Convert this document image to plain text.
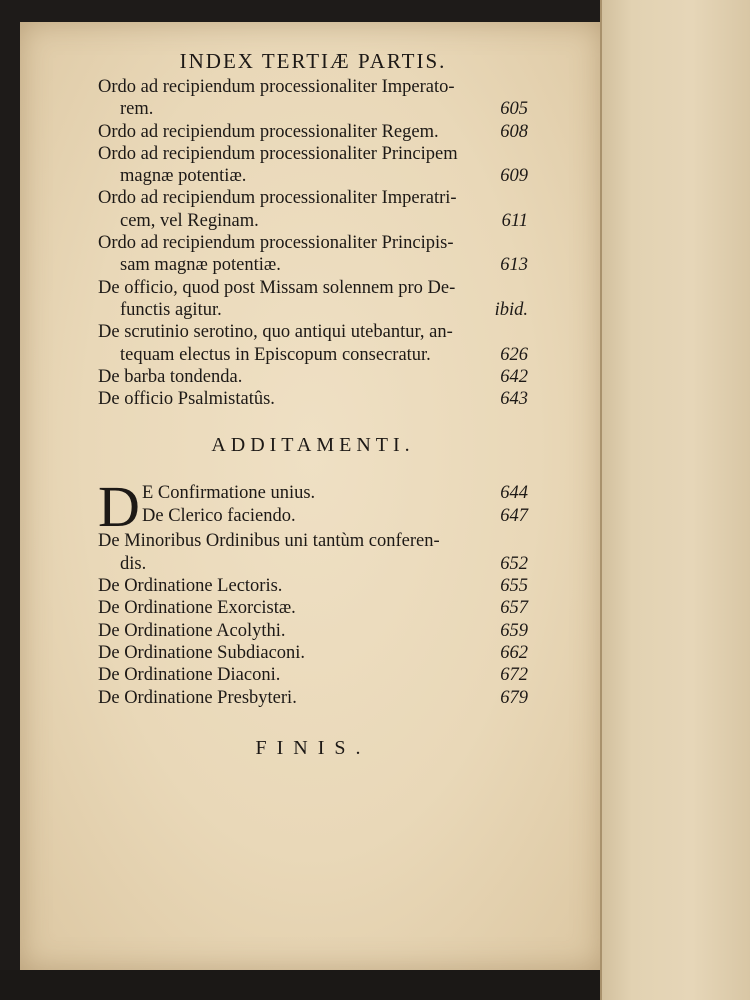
INDEX TERTIÆ PARTIS.
Ordo ad recipiendum processionaliter Imperato-
rem.	605
Ordo ad recipiendum processionaliter Regem.	608
Ordo ad recipiendum processionaliter Principem
magnæ potentiæ.	609
Ordo ad recipiendum processionaliter Imperatri-
cem, vel Reginam.	611
Ordo ad recipiendum processionaliter Principis-
sam magnæ potentiæ.	613
De officio, quod post Missam solennem pro De-
functis agitur.	ibid.
De scrutinio serotino, quo antiqui utebantur, an-
tequam electus in Episcopum consecratur.	626
De barba tondenda.	642
De officio Psalmistatûs.	643
ADDITAMENTI.
D E Confirmatione unius.	644
De Clerico faciendo.	647
De Minoribus Ordinibus uni tantùm conferen-
dis.	652
De Ordinatione Lectoris.	655
De Ordinatione Exorcistæ.	657
De Ordinatione Acolythi.	659
De Ordinatione Subdiaconi.	662
De Ordinatione Diaconi.	672
De Ordinatione Presbyteri.	679
FINIS.
